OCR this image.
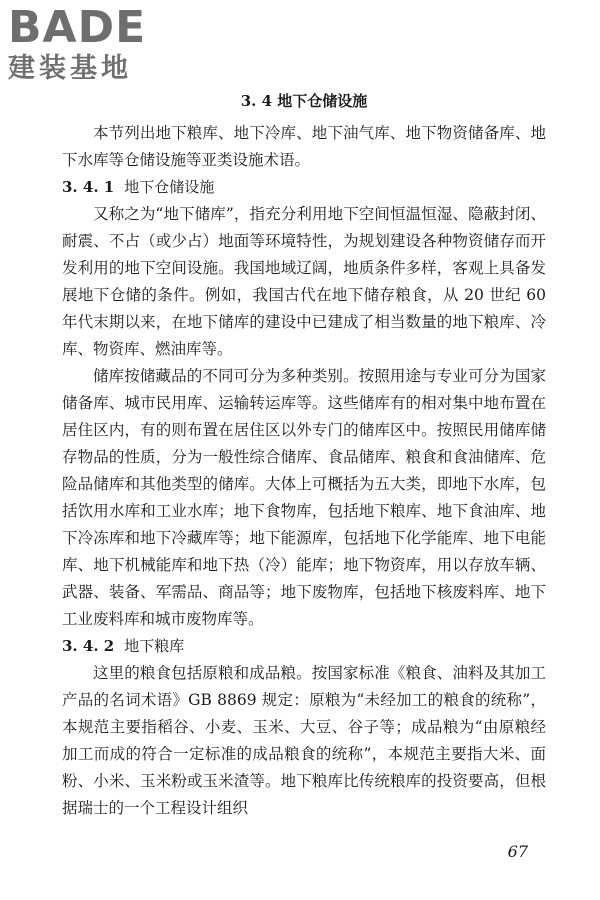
BADE
建装基地
3. 4 地下仓储设施

本节列出地下粮库、地下冷库、地下油气库、地下物资储备库、地下水库等仓储设施等亚类设施术语。

3. 4. 1 地下仓储设施

又称之为“地下储库”，指充分利用地下空间恒温恒湿、隐蔽封闭、耐震、不占（或少占）地面等环境特性，为规划建设各种物资储存而开发利用的地下空间设施。我国地域辽阔，地质条件多样，客观上具备发展地下仓储的条件。例如，我国古代在地下储存粮食，从 20 世纪 60 年代末期以来，在地下储库的建设中已建成了相当数量的地下粮库、冷库、物资库、燃油库等。

储库按储藏品的不同可分为多种类别。按照用途与专业可分为国家储备库、城市民用库、运输转运库等。这些储库有的相对集中地布置在居住区内，有的则布置在居住区以外专门的储库区中。按照民用储库储存物品的性质，分为一般性综合储库、食品储库、粮食和食油储库、危险品储库和其他类型的储库。大体上可概括为五大类，即地下水库，包括饮用水库和工业水库；地下食物库，包括地下粮库、地下食油库、地下冷冻库和地下冷藏库等；地下能源库，包括地下化学能库、地下电能库、地下机械能库和地下热（冷）能库；地下物资库，用以存放车辆、武器、装备、军需品、商品等；地下废物库，包括地下核废料库、地下工业废料库和城市废物库等。

3. 4. 2 地下粮库

这里的粮食包括原粮和成品粮。按国家标准《粮食、油料及其加工产品的名词术语》GB 8869 规定：原粮为“未经加工的粮食的统称”，本规范主要指稻谷、小麦、玉米、大豆、谷子等；成品粮为“由原粮经加工而成的符合一定标准的成品粮食的统称”，本规范主要指大米、面粉、小米、玉米粉或玉米渣等。地下粮库比传统粮库的投资要高，但根据瑞士的一个工程设计组织

67
